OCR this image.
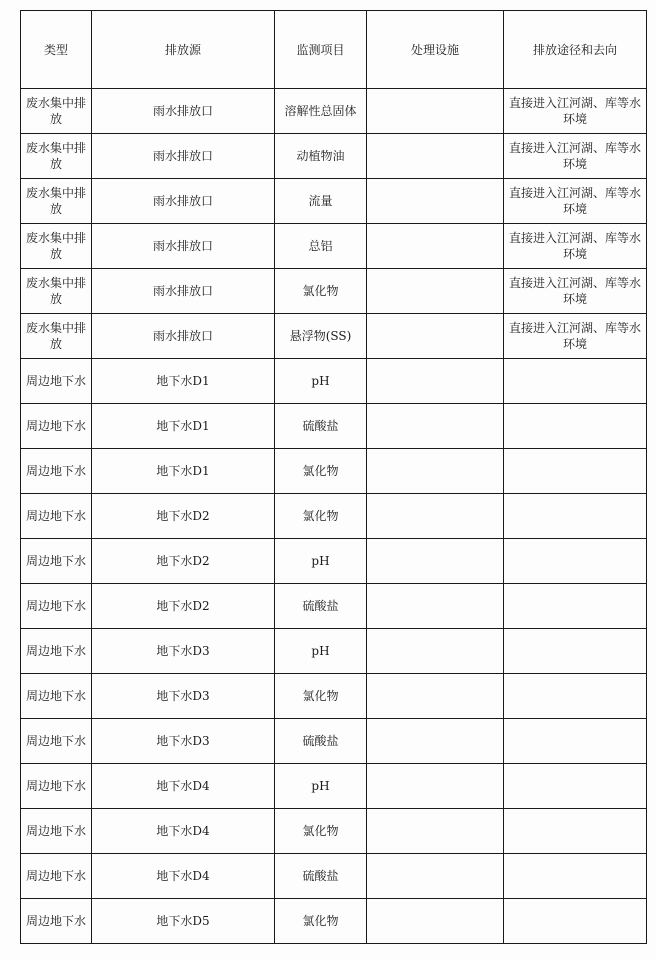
类型	排放源	监测项目	处理设施	排放途径和去向
废水集中排放	雨水排放口	溶解性总固体		直接进入江河湖、库等水环境
废水集中排放	雨水排放口	动植物油		直接进入江河湖、库等水环境
废水集中排放	雨水排放口	流量		直接进入江河湖、库等水环境
废水集中排放	雨水排放口	总铝		直接进入江河湖、库等水环境
废水集中排放	雨水排放口	氯化物		直接进入江河湖、库等水环境
废水集中排放	雨水排放口	悬浮物(SS)		直接进入江河湖、库等水环境
周边地下水	地下水D1	pH		
周边地下水	地下水D1	硫酸盐		
周边地下水	地下水D1	氯化物		
周边地下水	地下水D2	氯化物		
周边地下水	地下水D2	pH		
周边地下水	地下水D2	硫酸盐		
周边地下水	地下水D3	pH		
周边地下水	地下水D3	氯化物		
周边地下水	地下水D3	硫酸盐		
周边地下水	地下水D4	pH		
周边地下水	地下水D4	氯化物		
周边地下水	地下水D4	硫酸盐		
周边地下水	地下水D5	氯化物		
